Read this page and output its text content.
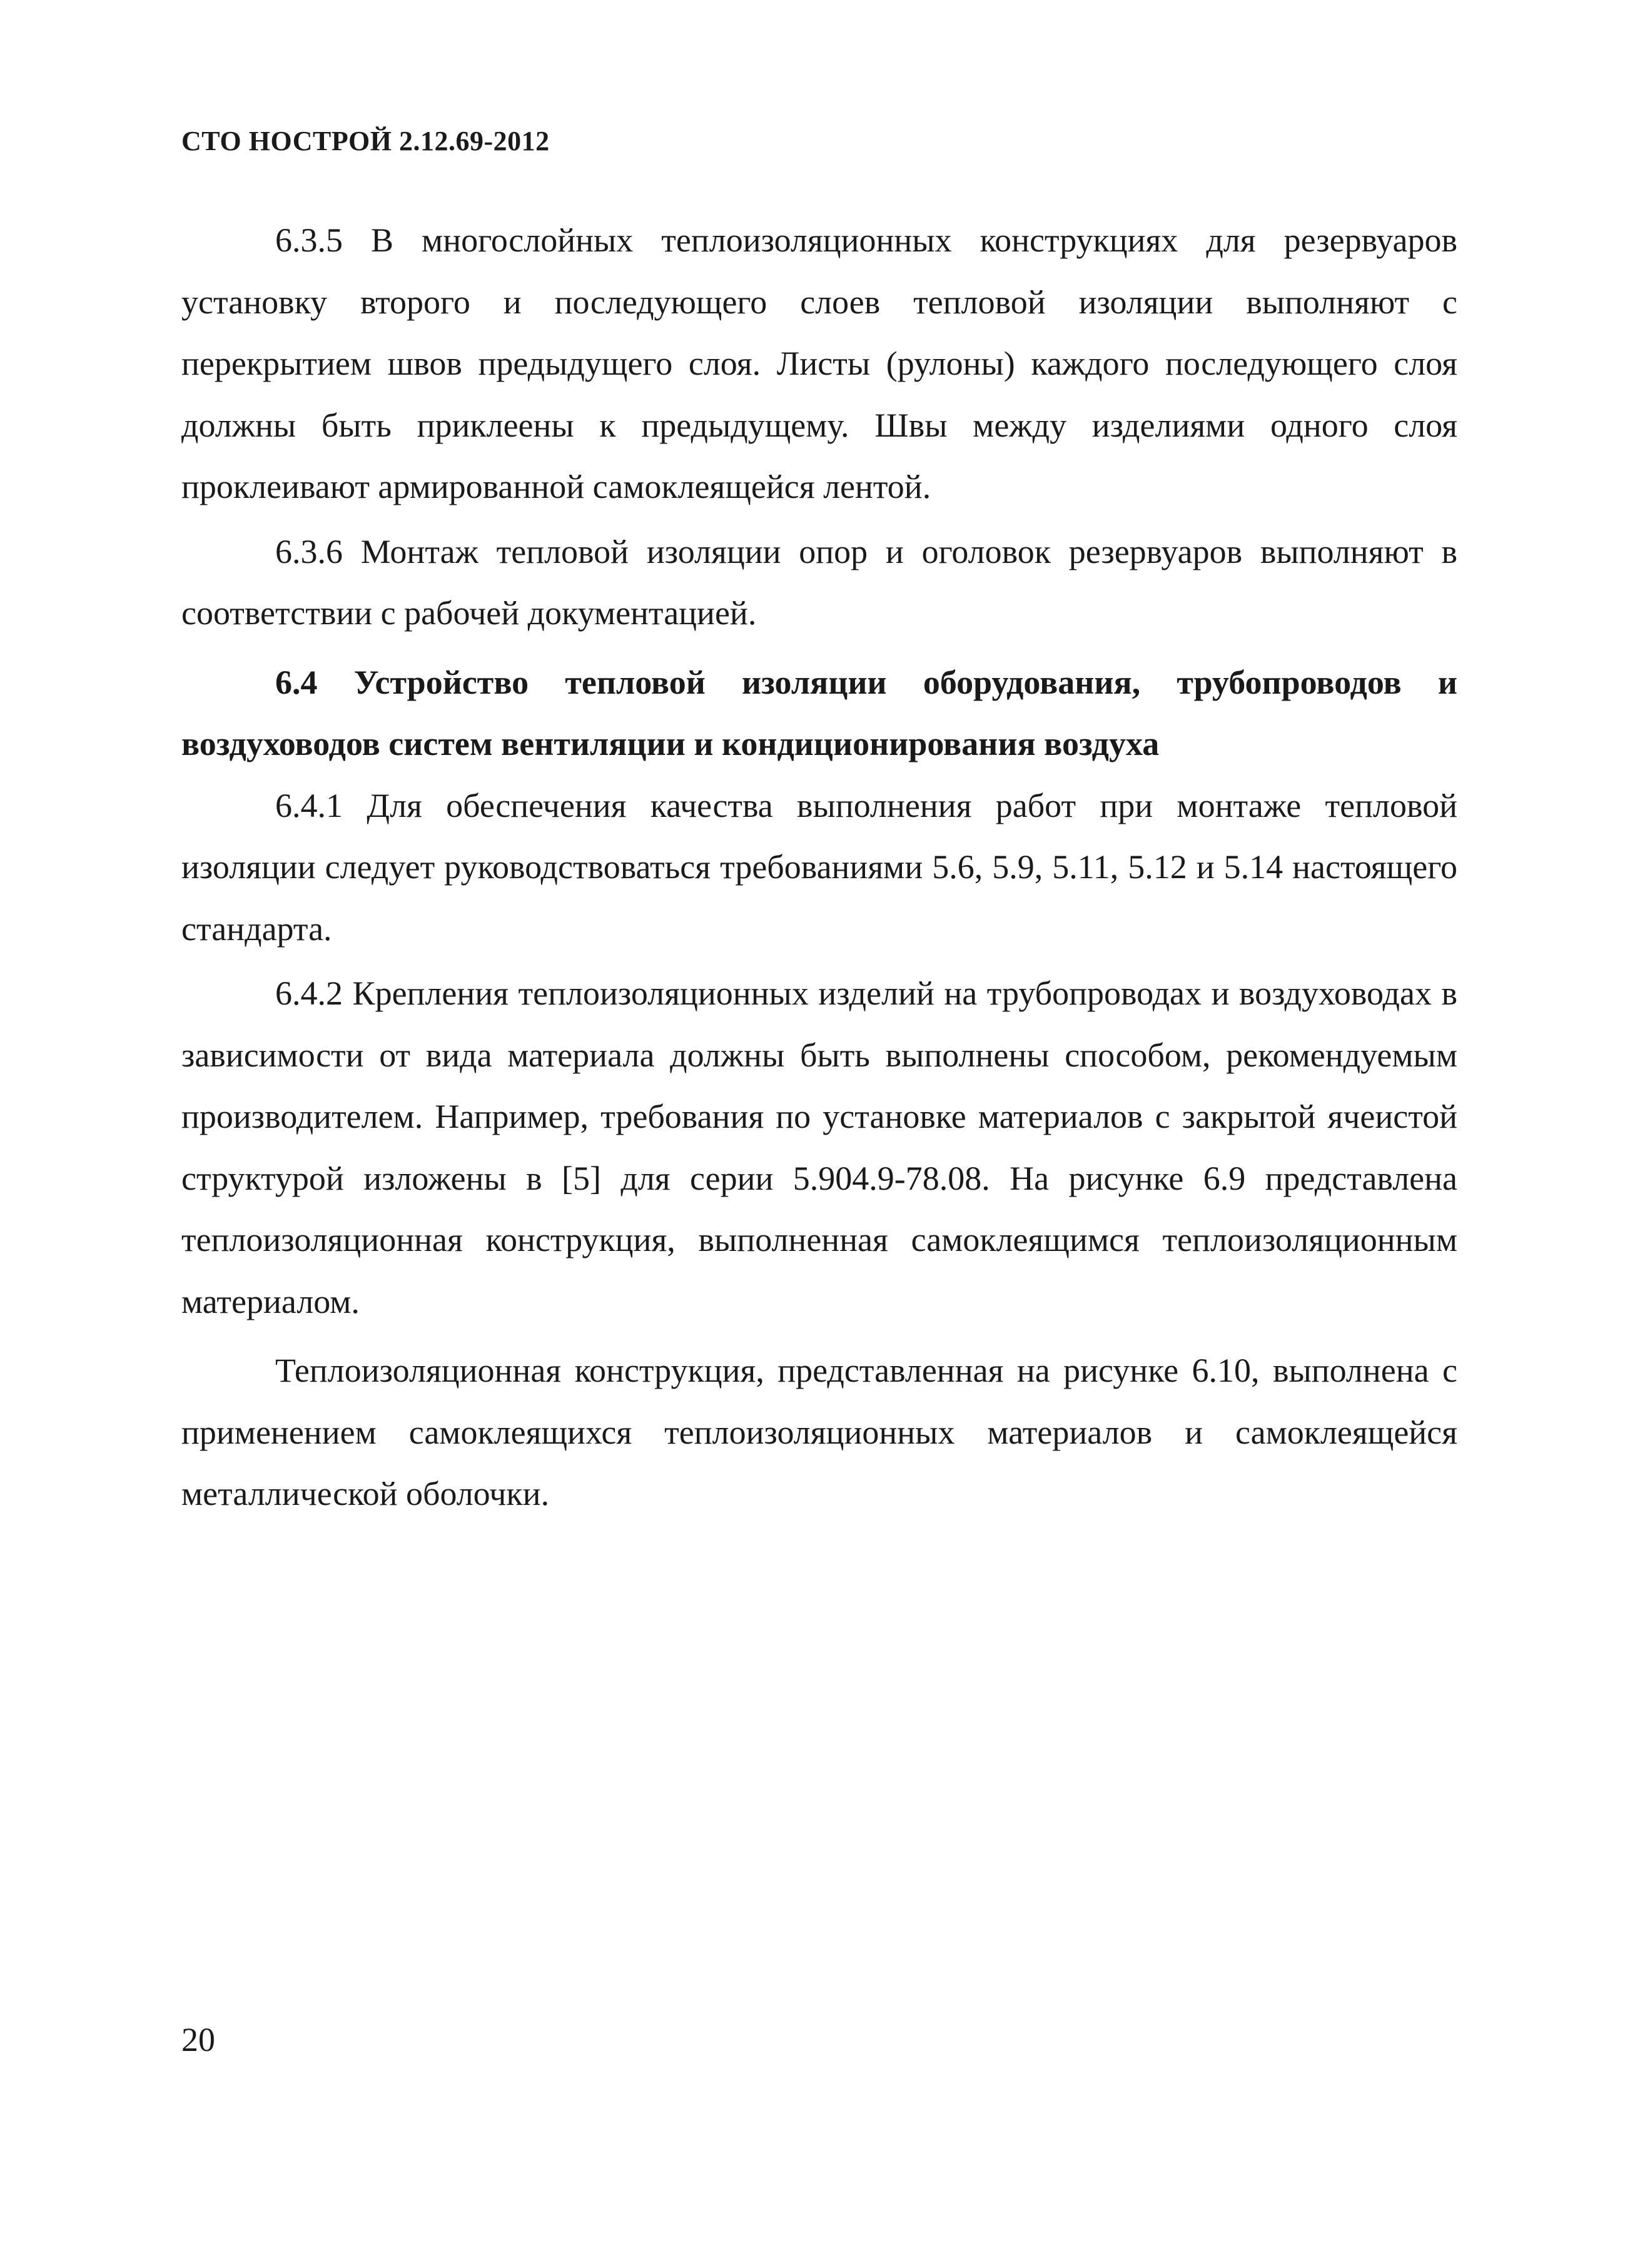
СТО НОСТРОЙ 2.12.69-2012

6.3.5 В многослойных теплоизоляционных конструкциях для резервуаров установку второго и последующего слоев тепловой изоляции выполняют с перекрытием швов предыдущего слоя. Листы (рулоны) каждого последующего слоя должны быть приклеены к предыдущему. Швы между изделиями одного слоя проклеивают армированной самоклеящейся лентой.

6.3.6 Монтаж тепловой изоляции опор и оголовок резервуаров выполняют в соответствии с рабочей документацией.

6.4 Устройство тепловой изоляции оборудования, трубопроводов и воздуховодов систем вентиляции и кондиционирования воздуха

6.4.1 Для обеспечения качества выполнения работ при монтаже тепловой изоляции следует руководствоваться требованиями 5.6, 5.9, 5.11, 5.12 и 5.14 настоящего стандарта.

6.4.2 Крепления теплоизоляционных изделий на трубопроводах и воздуховодах в зависимости от вида материала должны быть выполнены способом, рекомендуемым производителем. Например, требования по установке материалов с закрытой ячеистой структурой изложены в [5] для серии 5.904.9-78.08. На рисунке 6.9 представлена теплоизоляционная конструкция, выполненная самоклеящимся теплоизоляционным материалом.

Теплоизоляционная конструкция, представленная на рисунке 6.10, выполнена с применением самоклеящихся теплоизоляционных материалов и самоклеящейся металлической оболочки.

20
